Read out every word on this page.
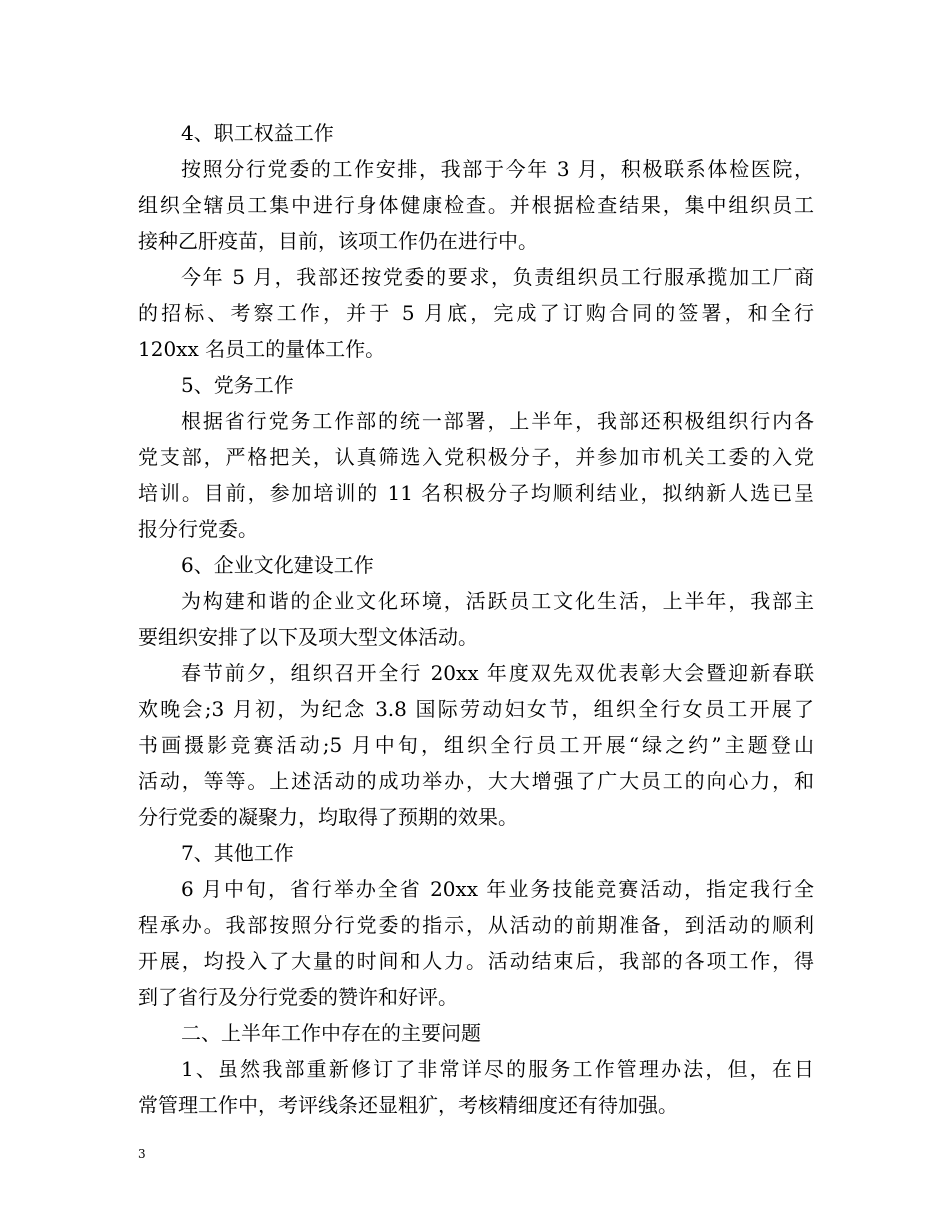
4、职工权益工作
按照分行党委的工作安排，我部于今年 3 月，积极联系体检医院，
组织全辖员工集中进行身体健康检查。并根据检查结果，集中组织员工
接种乙肝疫苗，目前，该项工作仍在进行中。
今年 5 月，我部还按党委的要求，负责组织员工行服承揽加工厂商
的招标、考察工作，并于 5 月底，完成了订购合同的签署，和全行
120xx 名员工的量体工作。
5、党务工作
根据省行党务工作部的统一部署，上半年，我部还积极组织行内各
党支部，严格把关，认真筛选入党积极分子，并参加市机关工委的入党
培训。目前，参加培训的 11 名积极分子均顺利结业，拟纳新人选已呈
报分行党委。
6、企业文化建设工作
为构建和谐的企业文化环境，活跃员工文化生活，上半年，我部主
要组织安排了以下及项大型文体活动。
春节前夕，组织召开全行 20xx 年度双先双优表彰大会暨迎新春联
欢晚会;3 月初，为纪念 3.8 国际劳动妇女节，组织全行女员工开展了
书画摄影竞赛活动;5 月中旬，组织全行员工开展“绿之约”主题登山
活动，等等。上述活动的成功举办，大大增强了广大员工的向心力，和
分行党委的凝聚力，均取得了预期的效果。
7、其他工作
6 月中旬，省行举办全省 20xx 年业务技能竞赛活动，指定我行全
程承办。我部按照分行党委的指示，从活动的前期准备，到活动的顺利
开展，均投入了大量的时间和人力。活动结束后，我部的各项工作，得
到了省行及分行党委的赞许和好评。
二、上半年工作中存在的主要问题
1、虽然我部重新修订了非常详尽的服务工作管理办法，但，在日
常管理工作中，考评线条还显粗犷，考核精细度还有待加强。
3
